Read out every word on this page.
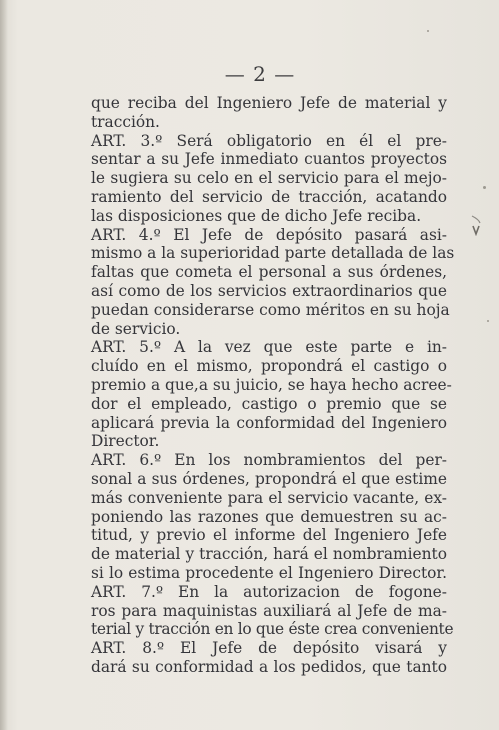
— 2 —
que reciba del Ingeniero Jefe de material y
tracción.
ART. 3.º Será obligatorio en él el pre-
sentar a su Jefe inmediato cuantos proyectos
le sugiera su celo en el servicio para el mejo-
ramiento del servicio de tracción, acatando
las disposiciones que de dicho Jefe reciba.
ART. 4.º El Jefe de depósito pasará asi-
mismo a la superioridad parte detallada de las
faltas que cometa el personal a sus órdenes,
así como de los servicios extraordinarios que
puedan considerarse como méritos en su hoja
de servicio.
ART. 5.º A la vez que este parte e in-
cluído en el mismo, propondrá el castigo o
premio a que,a su juicio, se haya hecho acree-
dor el empleado, castigo o premio que se
aplicará previa la conformidad del Ingeniero
Director.
ART. 6.º En los nombramientos del per-
sonal a sus órdenes, propondrá el que estime
más conveniente para el servicio vacante, ex-
poniendo las razones que demuestren su ac-
titud, y previo el informe del Ingeniero Jefe
de material y tracción, hará el nombramiento
si lo estima procedente el Ingeniero Director.
ART. 7.º En la autorizacion de fogone-
ros para maquinistas auxiliará al Jefe de ma-
terial y tracción en lo que éste crea conveniente
ART. 8.º El Jefe de depósito visará y
dará su conformidad a los pedidos, que tanto
